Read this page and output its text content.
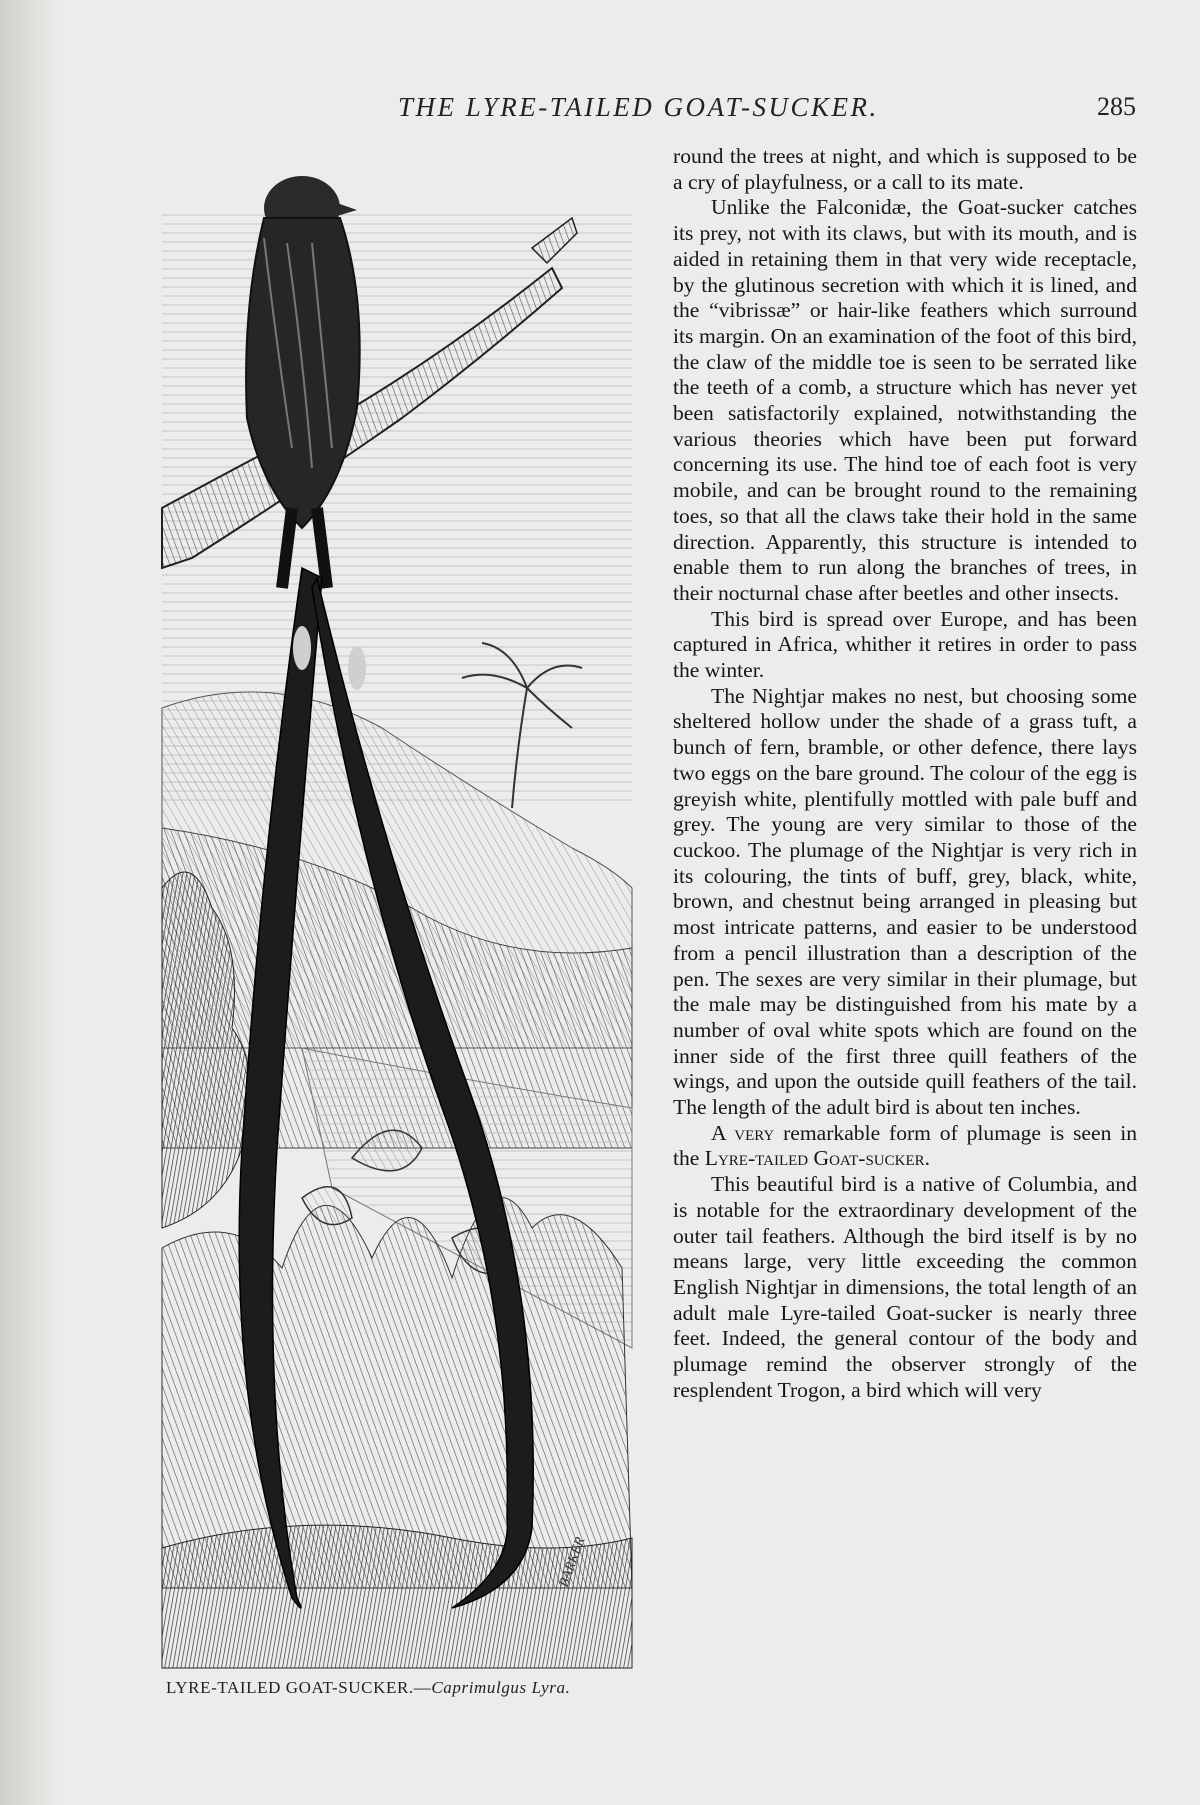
THE LYRE-TAILED GOAT-SUCKER.	285
BARKER
LYRE-TAILED GOAT-SUCKER.—Caprimulgus Lyra.

round the trees at night, and which is supposed to be a cry of playfulness, or a call to its mate.

Unlike the Falconidæ, the Goat-sucker catches its prey, not with its claws, but with its mouth, and is aided in retaining them in that very wide receptacle, by the glutinous secretion with which it is lined, and the “vibrissæ” or hair-like feathers which surround its margin. On an examination of the foot of this bird, the claw of the middle toe is seen to be serrated like the teeth of a comb, a structure which has never yet been satisfactorily explained, notwithstanding the various theories which have been put forward concerning its use. The hind toe of each foot is very mobile, and can be brought round to the remaining toes, so that all the claws take their hold in the same direction. Apparently, this structure is intended to enable them to run along the branches of trees, in their nocturnal chase after beetles and other insects.

This bird is spread over Europe, and has been captured in Africa, whither it retires in order to pass the winter.

The Nightjar makes no nest, but choosing some sheltered hollow under the shade of a grass tuft, a bunch of fern, bramble, or other defence, there lays two eggs on the bare ground. The colour of the egg is greyish white, plentifully mottled with pale buff and grey. The young are very similar to those of the cuckoo. The plumage of the Nightjar is very rich in its colouring, the tints of buff, grey, black, white, brown, and chestnut being arranged in pleasing but most intricate patterns, and easier to be understood from a pencil illustration than a description of the pen. The sexes are very similar in their plumage, but the male may be distinguished from his mate by a number of oval white spots which are found on the inner side of the first three quill feathers of the wings, and upon the outside quill feathers of the tail. The length of the adult bird is about ten inches.

A very remarkable form of plumage is seen in the Lyre-tailed Goat-sucker.

This beautiful bird is a native of Columbia, and is notable for the extraordinary development of the outer tail feathers. Although the bird itself is by no means large, very little exceeding the common English Nightjar in dimensions, the total length of an adult male Lyre-tailed Goat-sucker is nearly three feet. Indeed, the general contour of the body and plumage remind the observer strongly of the resplendent Trogon, a bird which will very
